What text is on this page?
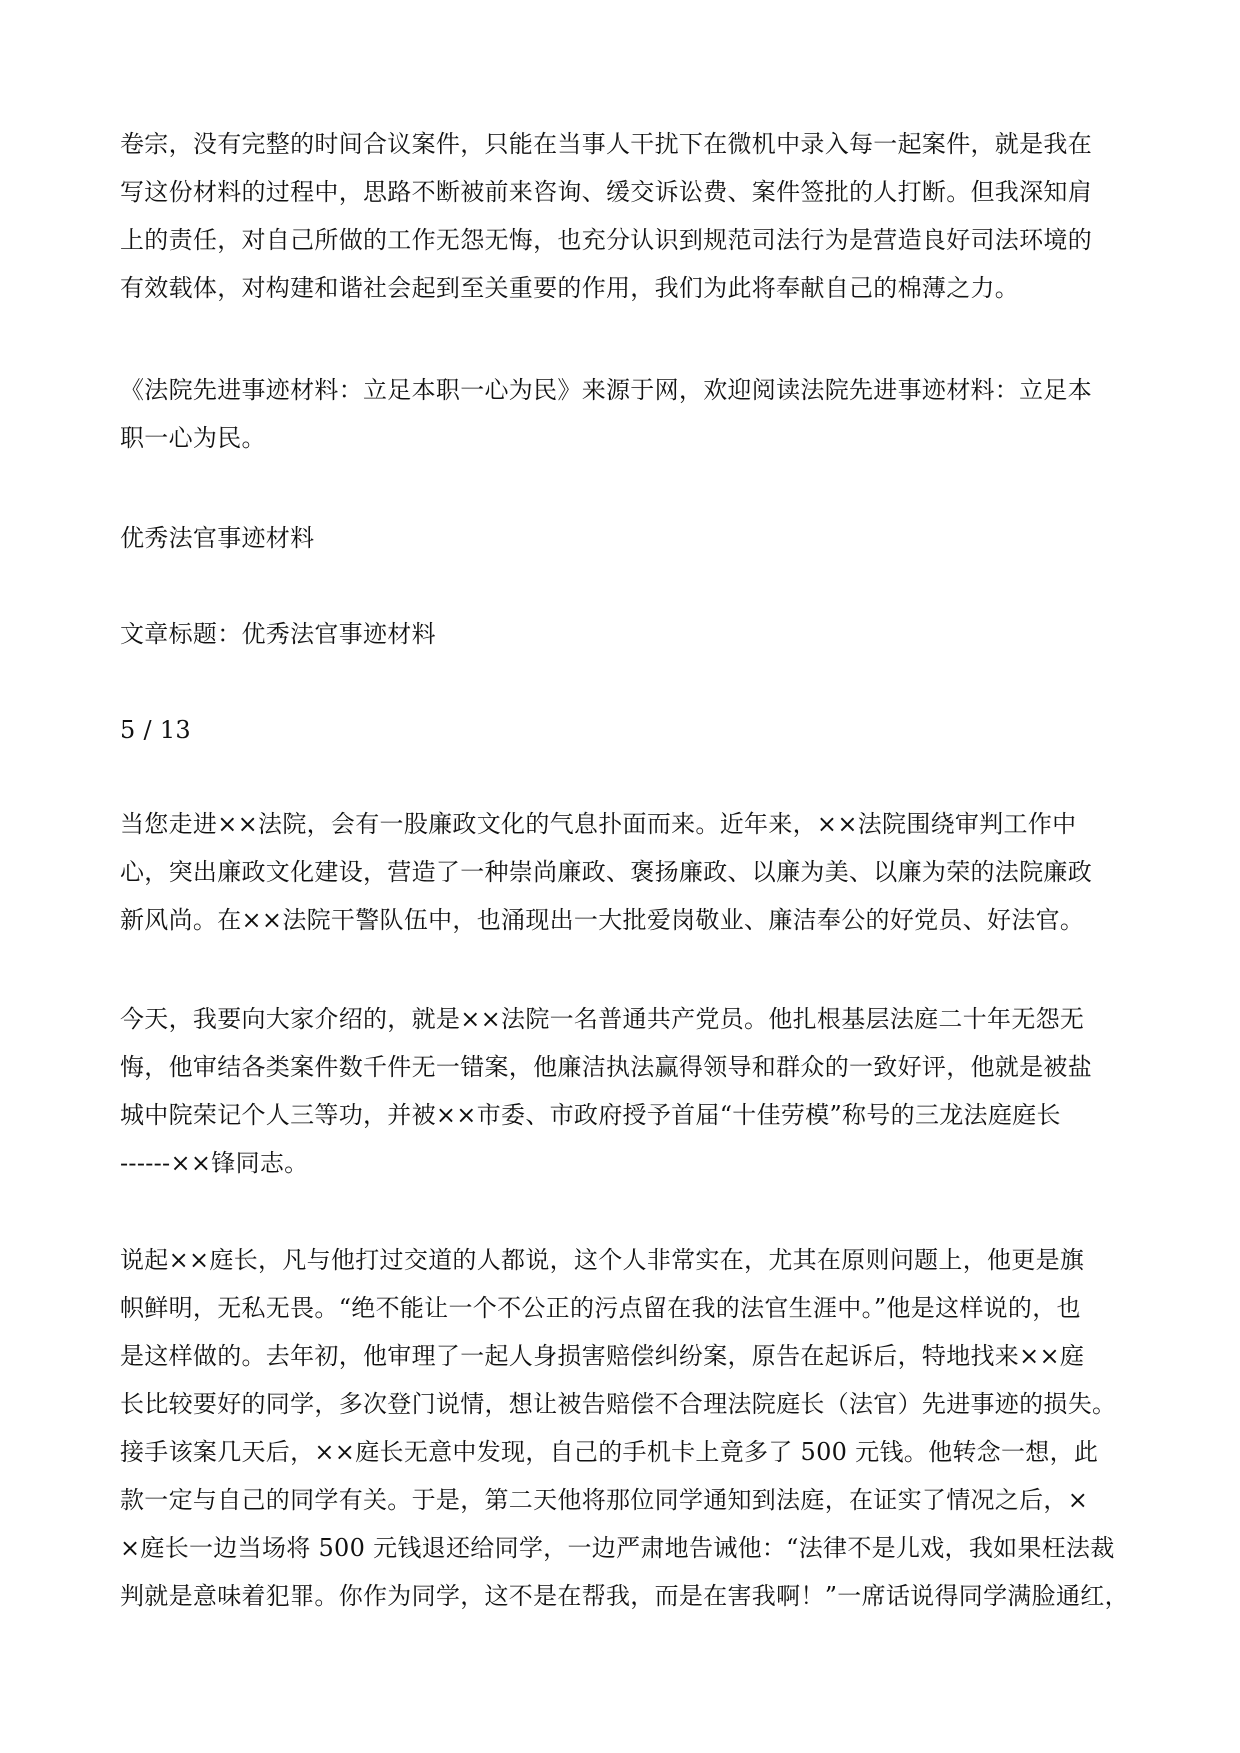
卷宗，没有完整的时间合议案件，只能在当事人干扰下在微机中录入每一起案件，就是我在
写这份材料的过程中，思路不断被前来咨询、缓交诉讼费、案件签批的人打断。但我深知肩
上的责任，对自己所做的工作无怨无悔，也充分认识到规范司法行为是营造良好司法环境的
有效载体，对构建和谐社会起到至关重要的作用，我们为此将奉献自己的棉薄之力。
《法院先进事迹材料：立足本职一心为民》来源于网，欢迎阅读法院先进事迹材料：立足本
职一心为民。
优秀法官事迹材料
文章标题：优秀法官事迹材料
5 / 13
当您走进××法院，会有一股廉政文化的气息扑面而来。近年来，××法院围绕审判工作中
心，突出廉政文化建设，营造了一种崇尚廉政、褒扬廉政、以廉为美、以廉为荣的法院廉政
新风尚。在××法院干警队伍中，也涌现出一大批爱岗敬业、廉洁奉公的好党员、好法官。
今天，我要向大家介绍的，就是××法院一名普通共产党员。他扎根基层法庭二十年无怨无
悔，他审结各类案件数千件无一错案，他廉洁执法赢得领导和群众的一致好评，他就是被盐
城中院荣记个人三等功，并被××市委、市政府授予首届“十佳劳模”称号的三龙法庭庭长
------××锋同志。
说起××庭长，凡与他打过交道的人都说，这个人非常实在，尤其在原则问题上，他更是旗
帜鲜明，无私无畏。“绝不能让一个不公正的污点留在我的法官生涯中。”他是这样说的，也
是这样做的。去年初，他审理了一起人身损害赔偿纠纷案，原告在起诉后，特地找来××庭
长比较要好的同学，多次登门说情，想让被告赔偿不合理法院庭长（法官）先进事迹的损失。
接手该案几天后，××庭长无意中发现，自己的手机卡上竟多了 500 元钱。他转念一想，此
款一定与自己的同学有关。于是，第二天他将那位同学通知到法庭，在证实了情况之后，×
×庭长一边当场将 500 元钱退还给同学，一边严肃地告诫他：“法律不是儿戏，我如果枉法裁
判就是意味着犯罪。你作为同学，这不是在帮我，而是在害我啊！”一席话说得同学满脸通红，
